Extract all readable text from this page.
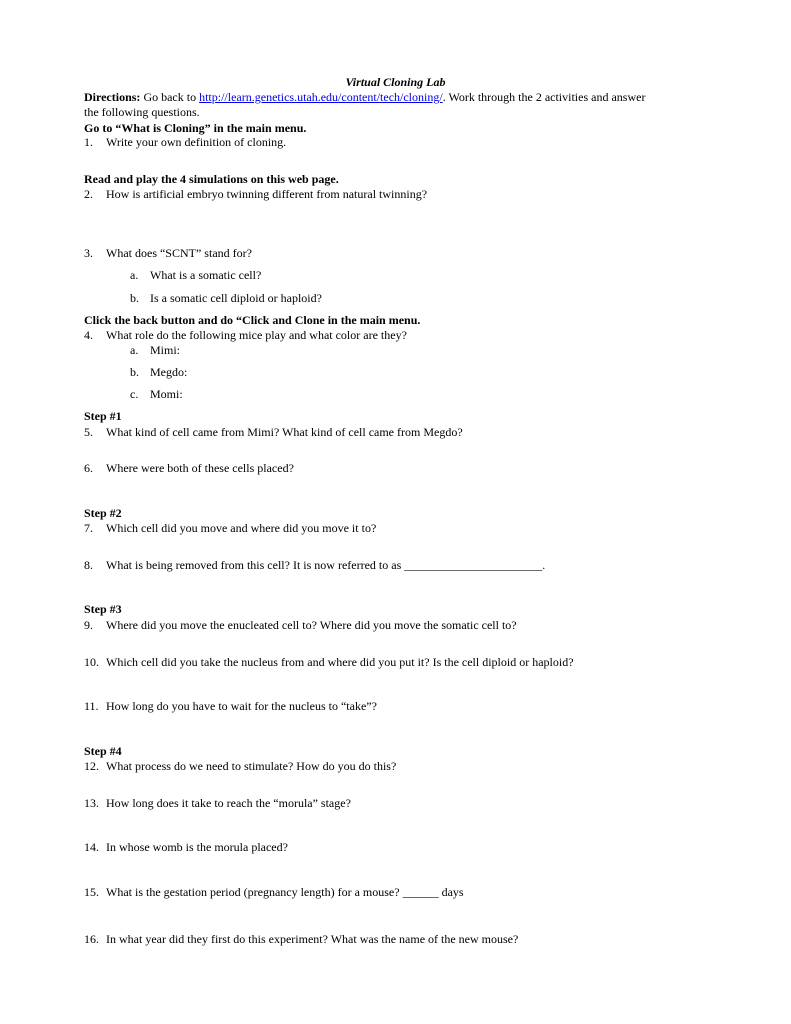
Virtual Cloning Lab
Directions: Go back to http://learn.genetics.utah.edu/content/tech/cloning/. Work through the 2 activities and answer
the following questions.
Go to “What is Cloning” in the main menu.
1. Write your own definition of cloning.
Read and play the 4 simulations on this web page.
2. How is artificial embryo twinning different from natural twinning?
3. What does “SCNT” stand for?
a. What is a somatic cell?
b. Is a somatic cell diploid or haploid?
Click the back button and do “Click and Clone in the main menu.
4. What role do the following mice play and what color are they?
a. Mimi:
b. Megdo:
c. Momi:
Step #1
5. What kind of cell came from Mimi? What kind of cell came from Megdo?
6. Where were both of these cells placed?
Step #2
7. Which cell did you move and where did you move it to?
8. What is being removed from this cell? It is now referred to as _______________________.
Step #3
9. Where did you move the enucleated cell to? Where did you move the somatic cell to?
10. Which cell did you take the nucleus from and where did you put it? Is the cell diploid or haploid?
11. How long do you have to wait for the nucleus to “take”?
Step #4
12. What process do we need to stimulate? How do you do this?
13. How long does it take to reach the “morula” stage?
14. In whose womb is the morula placed?
15. What is the gestation period (pregnancy length) for a mouse? ______ days
16. In what year did they first do this experiment? What was the name of the new mouse?
